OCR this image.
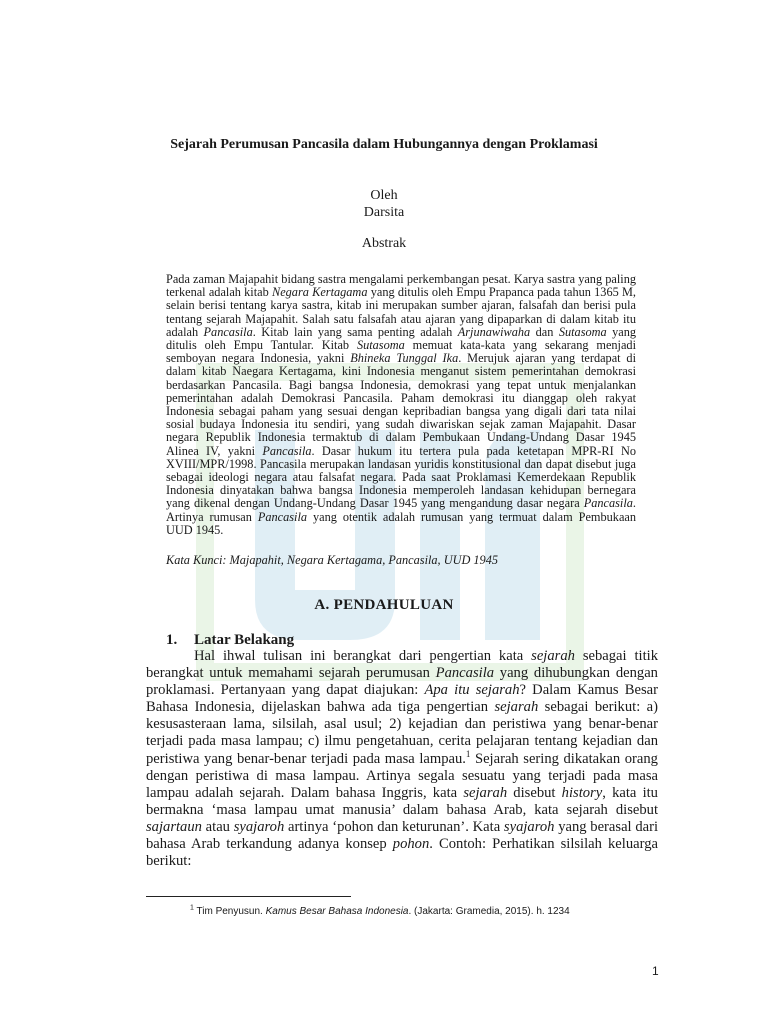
Sejarah Perumusan Pancasila dalam Hubungannya dengan Proklamasi
Oleh
Darsita
Abstrak

Pada zaman Majapahit bidang sastra mengalami perkembangan pesat. Karya sastra yang paling terkenal adalah kitab Negara Kertagama yang ditulis oleh Empu Prapanca pada tahun 1365 M, selain berisi tentang karya sastra, kitab ini merupakan sumber ajaran, falsafah dan berisi pula tentang sejarah Majapahit. Salah satu falsafah atau ajaran yang dipaparkan di dalam kitab itu adalah Pancasila. Kitab lain yang sama penting adalah Arjunawiwaha dan Sutasoma yang ditulis oleh Empu Tantular. Kitab Sutasoma memuat kata-kata yang sekarang menjadi semboyan negara Indonesia, yakni Bhineka Tunggal Ika. Merujuk ajaran yang terdapat di dalam kitab Naegara Kertagama, kini Indonesia menganut sistem pemerintahan demokrasi berdasarkan Pancasila. Bagi bangsa Indonesia, demokrasi yang tepat untuk menjalankan pemerintahan adalah Demokrasi Pancasila. Paham demokrasi itu dianggap oleh rakyat Indonesia sebagai paham yang sesuai dengan kepribadian bangsa yang digali dari tata nilai sosial budaya Indonesia itu sendiri, yang sudah diwariskan sejak zaman Majapahit. Dasar negara Republik Indonesia termaktub di dalam Pembukaan Undang-Undang Dasar 1945 Alinea IV, yakni Pancasila. Dasar hukum itu tertera pula pada ketetapan MPR-RI No XVIII/MPR/1998. Pancasila merupakan landasan yuridis konstitusional dan dapat disebut juga sebagai ideologi negara atau falsafat negara. Pada saat Proklamasi Kemerdekaan Republik Indonesia dinyatakan bahwa bangsa Indonesia memperoleh landasan kehidupan bernegara yang dikenal dengan Undang-Undang Dasar 1945 yang mengandung dasar negara Pancasila. Artinya rumusan Pancasila yang otentik adalah rumusan yang termuat dalam Pembukaan UUD 1945.

Kata Kunci: Majapahit, Negara Kertagama, Pancasila, UUD 1945

A. PENDAHULUAN
1. Latar Belakang

Hal ihwal tulisan ini berangkat dari pengertian kata sejarah sebagai titik berangkat untuk memahami sejarah perumusan Pancasila yang dihubungkan dengan proklamasi. Pertanyaan yang dapat diajukan: Apa itu sejarah? Dalam Kamus Besar Bahasa Indonesia, dijelaskan bahwa ada tiga pengertian sejarah sebagai berikut: a) kesusasteraan lama, silsilah, asal usul; 2) kejadian dan peristiwa yang benar-benar terjadi pada masa lampau; c) ilmu pengetahuan, cerita pelajaran tentang kejadian dan peristiwa yang benar-benar terjadi pada masa lampau.$^1$ Sejarah sering dikatakan orang dengan peristiwa di masa lampau. Artinya segala sesuatu yang terjadi pada masa lampau adalah sejarah. Dalam bahasa Inggris, kata sejarah disebut history, kata itu bermakna ‘masa lampau umat manusia’ dalam bahasa Arab, kata sejarah disebut sajartaun atau syajaroh artinya ‘pohon dan keturunan’. Kata syajaroh yang berasal dari bahasa Arab terkandung adanya konsep pohon. Contoh: Perhatikan silsilah keluarga berikut:

$^1$ Tim Penyusun. Kamus Besar Bahasa Indonesia. (Jakarta: Gramedia, 2015). h. 1234
1
